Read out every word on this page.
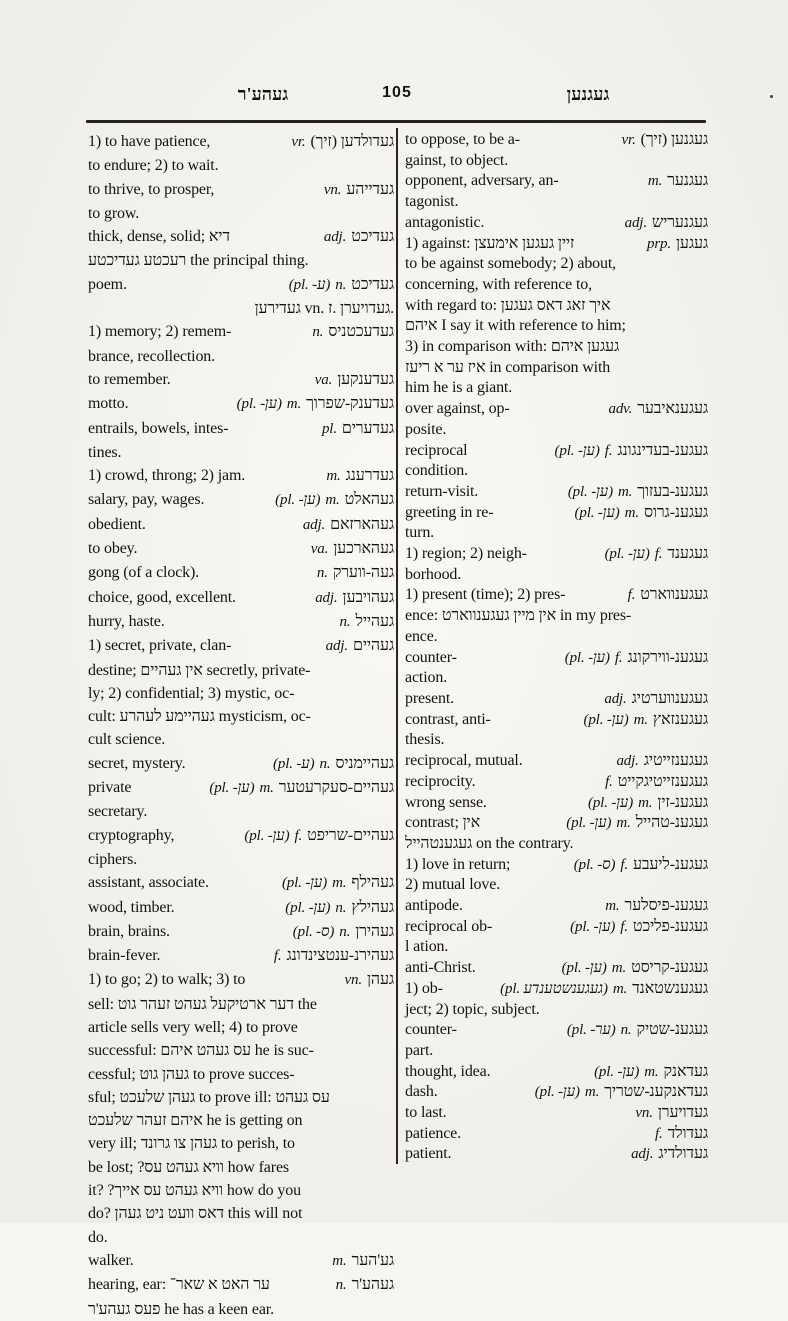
געהע'ר	105	געגנען
1) to have patience,	vr. געדולדען (זיך)
to endure; 2) to wait.
to thrive, to prosper,	vn. געדייהע
to grow.
thick, dense, solid; דיא	adj. געדיכט
רעכטע געדיכטע the principal thing.
poem.	(pl. -ע) n. געדיכט
געדירען vn. ז.‎ געדויערן.
1) memory; 2) remem-	n. געדעכטניס
brance, recollection.
to remember.	va. געדענקען
motto.	(pl. -ען) m. געדענק-שפרוך
entrails, bowels, intes-	pl. געדערים
tines.
1) crowd, throng; 2) jam.	m. געדרענג
salary, pay, wages.	(pl. -ען) m. געהאלט
obedient.	adj. געהארזאם
to obey.	va. געהארכען
gong (of a clock).	n. געה-ווערק
choice, good, excellent.	adj. געהויבען
hurry, haste.	n. געהייל
1) secret, private, clan-	adj. געהיים
destine; אין געהיים secretly, private-
ly; 2) confidential; 3) mystic, oc-
cult: געהיימע לעהרע mysticism, oc-
cult science.
secret, mystery.	(pl. -ע) n. געהיימניס
private	(pl. -ען) m. געהיים-סעקרעטער
secretary.
cryptography,	(pl. -ען) f. געהיים-שריפט
ciphers.
assistant, associate.	(pl. -ען) m. געהילף
wood, timber.	(pl. -ען) n. געהילץ
brain, brains.	(pl. -ס) n. געהירן
brain-fever.	f. געהירנ-ענטצינדונג
1) to go; 2) to walk; 3) to	vn. געהן
sell: דער ארטיקעל געהט זעהר גוט the
article sells very well; 4) to prove
successful: עס געהט איהם he is suc-
cessful; געהן גוט to prove succes-
sful; געהן שלעכט to prove ill: עס געהט
איהם זעהר שלעכט he is getting on
very ill; געהן צו גרונד to perish, to
be lost; וויא געהט עס?‏ how fares
it? וויא געהט עס אייך?‏ how do you
do? דאס וועט ניט געהן this will not
do.
walker.	m. גע'הער
hearing, ear: ער האט א שאר־	n. געהע'ר
פעס געהע'ר he has a keen ear.
to oppose, to be a-	vr. געגנען (זיך)
gainst, to object.
opponent, adversary, an-	m. געגנער
tagonist.
antagonistic.	adj. געגנעריש
1) against: זיין געגען אימעצן	prp. געגען
to be against somebody; 2) about,
concerning, with reference to,
with regard to: איך זאג דאס געגען
איהם I say it with reference to him;
3) in comparison with: געגען איהם
איז ער א ריעז in comparison with
him he is a giant.
over against, op-	adv. געגענאיבער
posite.
reciprocal	(pl. -ען) f. געגענ-בעדינגונג
condition.
return-visit.	(pl. -ען) m. געגענ-בעזוך
greeting in re-	(pl. -ען) m. געגענ-גרוס
turn.
1) region; 2) neigh-	(pl. -ען) f. געגענד
borhood.
1) present (time); 2) pres-	f. געגענווארט
ence: אין מיין געגענווארט in my pres-
ence.
counter-	(pl. -ען) f. געגענ-ווירקונג
action.
present.	adj. געגענווערטיג
contrast, anti-	(pl. -ען) m. געגענזאץ
thesis.
reciprocal, mutual.	adj. געגענזייטיג
reciprocity.	f. געגענזייטיגקייט
wrong sense.	(pl. -ען) m. געגענ-זין
contrast; אין	(pl. -ען) m. געגענ-טהייל
געגענטהייל on the contrary.
1) love in return;	(pl. -ס) f. געגענ-ליעבע
2) mutual love.
antipode.	m. געגענ-פיסלער
reciprocal ob-	(pl. -ען) f. געגענ-פליכט
l ation.
anti-Christ.	(pl. -ען) m. געגענ-קריסט
1) ob-	(pl. געגענשטענדע) m. געגענשטאנד
ject; 2) topic, subject.
counter-	(pl. -ער) n. געגענ-שטיק
part.
thought, idea.	(pl. -ען) m. געדאנק
dash.	(pl. -ען) m. געדאנקענ-שטריך
to last.	vn. געדויערן
patience.	f. געדולד
patient.	adj. געדולדיג
